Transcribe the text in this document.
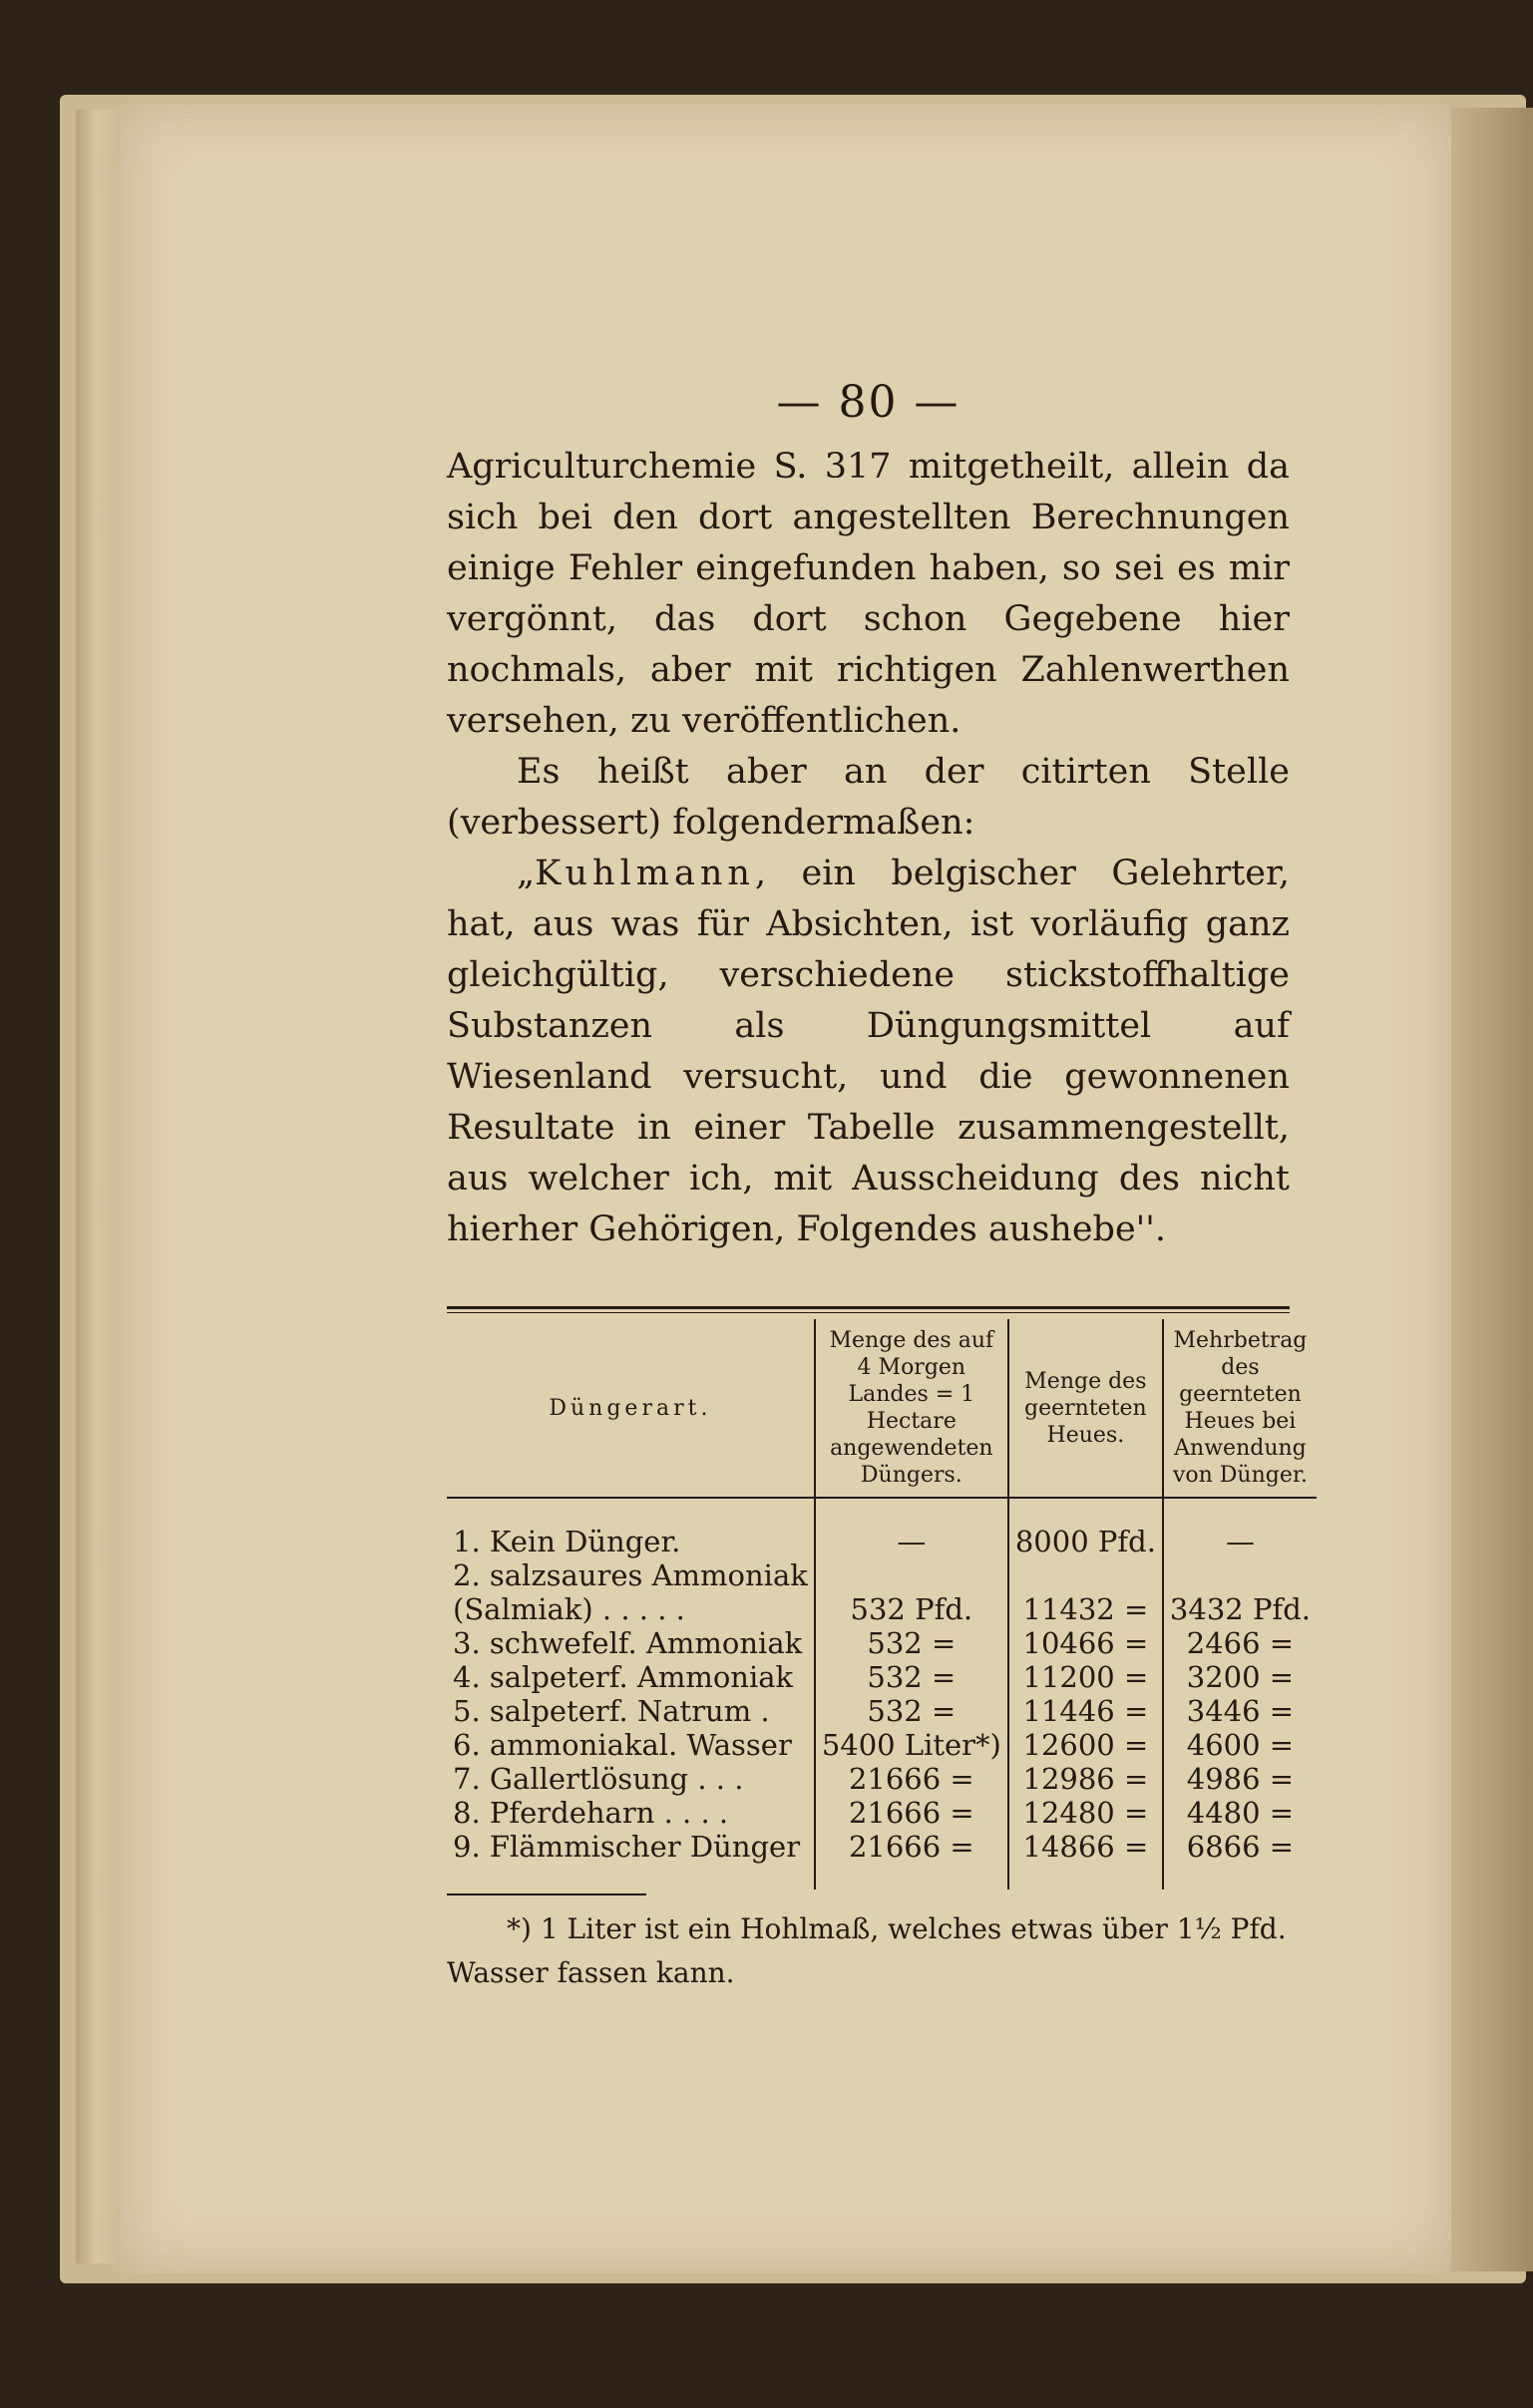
— 80 —

Agriculturchemie S. 317 mitgetheilt, allein da sich bei den dort angestellten Berechnungen einige Fehler eingefunden haben, so sei es mir vergönnt, das dort schon Gegebene hier nochmals, aber mit richtigen Zahlenwerthen versehen, zu veröffentlichen.

Es heißt aber an der citirten Stelle (verbessert) folgendermaßen:

„Kuhlmann, ein belgischer Gelehrter, hat, aus was für Absichten, ist vorläufig ganz gleichgültig, verschiedene stickstoffhaltige Substanzen als Düngungsmittel auf Wiesenland versucht, und die gewonnenen Resultate in einer Tabelle zusammengestellt, aus welcher ich, mit Ausscheidung des nicht hierher Gehörigen, Folgendes aushebe''.

Düngerart.	Menge des auf 4 Morgen Landes = 1 Hectare angewendeten Düngers.	Menge des geernteten Heues.	Mehrbetrag des geernteten Heues bei Anwendung von Dünger.
1. Kein Dünger.	—	8000 Pfd.	—
2. salzsaures Ammoniak			
(Salmiak) . . . . .	532 Pfd.	11432 =	3432 Pfd.
3. schwefelf. Ammoniak	532 =	10466 =	2466 =
4. salpeterf. Ammoniak	532 =	11200 =	3200 =
5. salpeterf. Natrum .	532 =	11446 =	3446 =
6. ammoniakal. Wasser	5400 Liter*)	12600 =	4600 =
7. Gallertlösung . . .	21666 =	12986 =	4986 =
8. Pferdeharn . . . .	21666 =	12480 =	4480 =
9. Flämmischer Dünger	21666 =	14866 =	6866 =

*) 1 Liter ist ein Hohlmaß, welches etwas über 1½ Pfd.

Wasser fassen kann.
